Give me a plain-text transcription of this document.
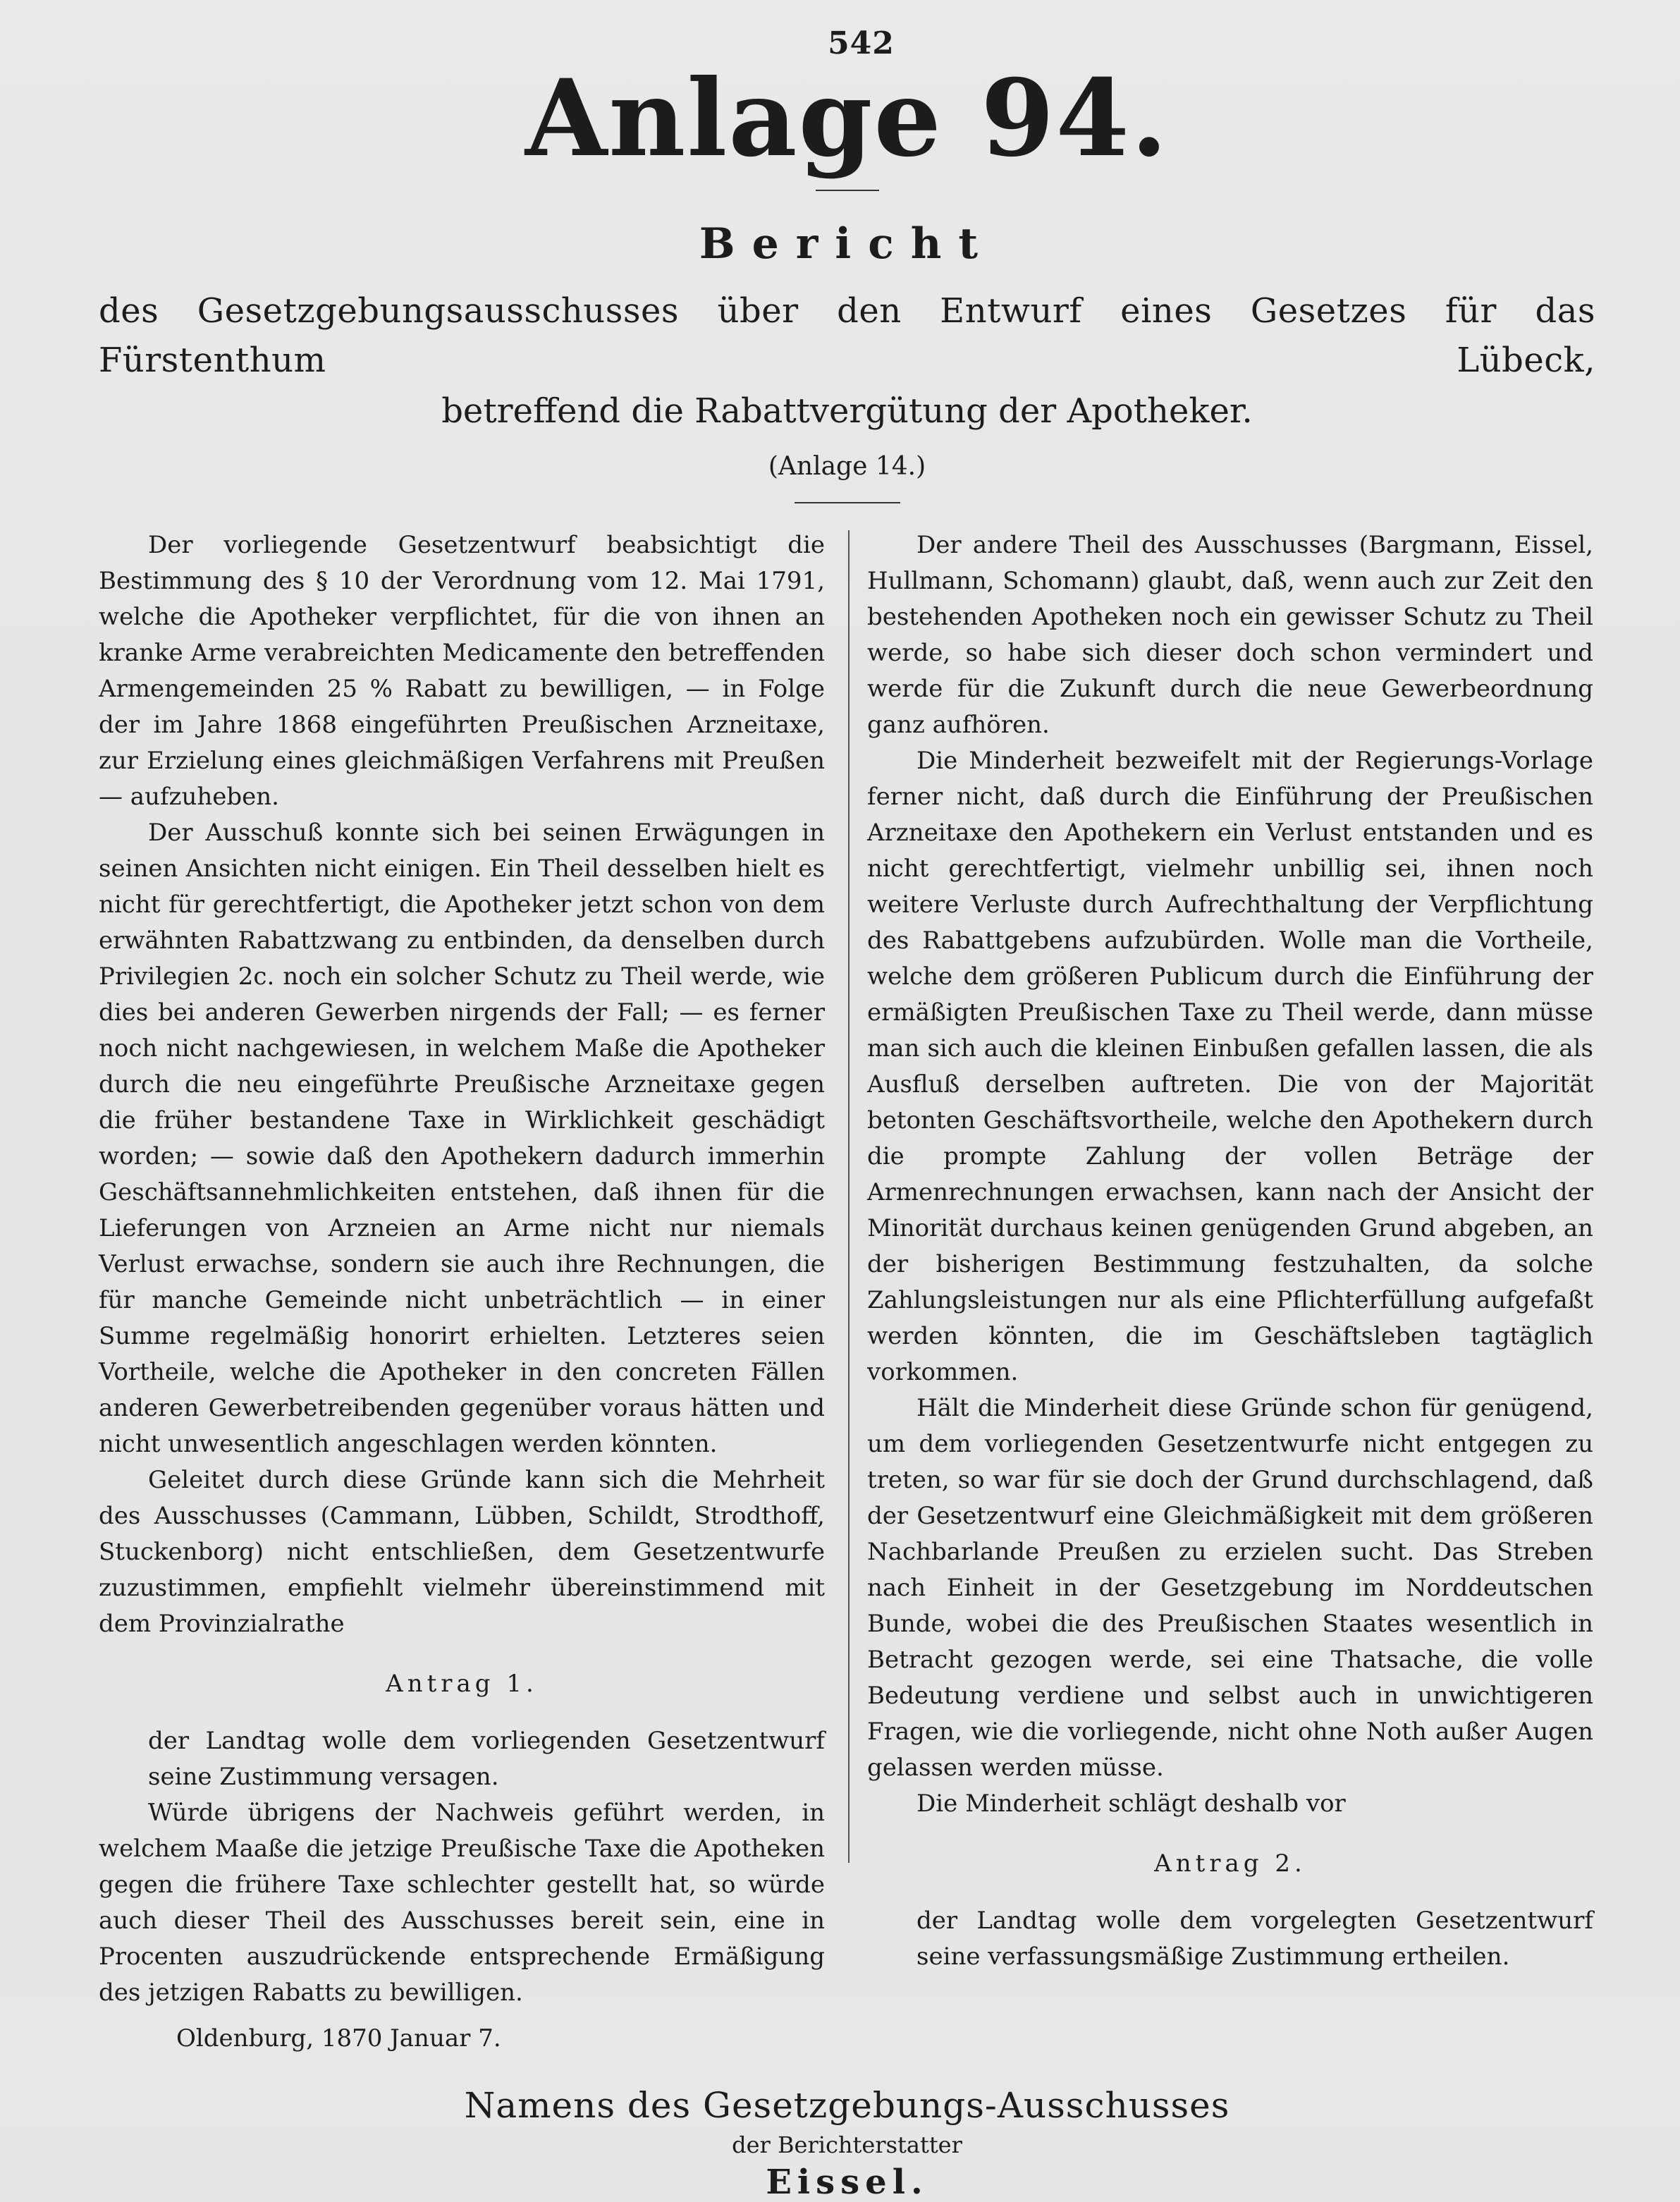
542
Anlage 94.
Bericht
des Gesetzgebungsausschusses über den Entwurf eines Gesetzes für das Fürstenthum Lübeck,
betreffend die Rabattvergütung der Apotheker.
(Anlage 14.)

Der vorliegende Gesetzentwurf beabsichtigt die Bestimmung des § 10 der Verordnung vom 12. Mai 1791, welche die Apotheker verpflichtet, für die von ihnen an kranke Arme verabreichten Medicamente den betreffenden Armengemeinden 25 % Rabatt zu bewilligen, — in Folge der im Jahre 1868 eingeführten Preußischen Arzneitaxe, zur Erzielung eines gleichmäßigen Verfahrens mit Preußen — aufzuheben.

Der Ausschuß konnte sich bei seinen Erwägungen in seinen Ansichten nicht einigen. Ein Theil desselben hielt es nicht für gerechtfertigt, die Apotheker jetzt schon von dem erwähnten Rabattzwang zu entbinden, da denselben durch Privilegien 2c. noch ein solcher Schutz zu Theil werde, wie dies bei anderen Gewerben nirgends der Fall; — es ferner noch nicht nachgewiesen, in welchem Maße die Apotheker durch die neu eingeführte Preußische Arzneitaxe gegen die früher bestandene Taxe in Wirklichkeit geschädigt worden; — sowie daß den Apothekern dadurch immerhin Geschäftsannehmlichkeiten entstehen, daß ihnen für die Lieferungen von Arzneien an Arme nicht nur niemals Verlust erwachse, sondern sie auch ihre Rechnungen, die für manche Gemeinde nicht unbeträchtlich — in einer Summe regelmäßig honorirt erhielten. Letzteres seien Vortheile, welche die Apotheker in den concreten Fällen anderen Gewerbetreibenden gegenüber voraus hätten und nicht unwesentlich angeschlagen werden könnten.

Geleitet durch diese Gründe kann sich die Mehrheit des Ausschusses (Cammann, Lübben, Schildt, Strodthoff, Stuckenborg) nicht entschließen, dem Gesetzentwurfe zuzustimmen, empfiehlt vielmehr übereinstimmend mit dem Provinzialrathe

Antrag 1.

der Landtag wolle dem vorliegenden Gesetzentwurf seine Zustimmung versagen.

Würde übrigens der Nachweis geführt werden, in welchem Maaße die jetzige Preußische Taxe die Apotheken gegen die frühere Taxe schlechter gestellt hat, so würde auch dieser Theil des Ausschusses bereit sein, eine in Procenten auszudrückende entsprechende Ermäßigung des jetzigen Rabatts zu bewilligen.

Oldenburg, 1870 Januar 7.

Der andere Theil des Ausschusses (Bargmann, Eissel, Hullmann, Schomann) glaubt, daß, wenn auch zur Zeit den bestehenden Apotheken noch ein gewisser Schutz zu Theil werde, so habe sich dieser doch schon vermindert und werde für die Zukunft durch die neue Gewerbeordnung ganz aufhören.

Die Minderheit bezweifelt mit der Regierungs-Vorlage ferner nicht, daß durch die Einführung der Preußischen Arzneitaxe den Apothekern ein Verlust entstanden und es nicht gerechtfertigt, vielmehr unbillig sei, ihnen noch weitere Verluste durch Aufrechthaltung der Verpflichtung des Rabattgebens aufzubürden. Wolle man die Vortheile, welche dem größeren Publicum durch die Einführung der ermäßigten Preußischen Taxe zu Theil werde, dann müsse man sich auch die kleinen Einbußen gefallen lassen, die als Ausfluß derselben auftreten. Die von der Majorität betonten Geschäftsvortheile, welche den Apothekern durch die prompte Zahlung der vollen Beträge der Armenrechnungen erwachsen, kann nach der Ansicht der Minorität durchaus keinen genügenden Grund abgeben, an der bisherigen Bestimmung festzuhalten, da solche Zahlungsleistungen nur als eine Pflichterfüllung aufgefaßt werden könnten, die im Geschäftsleben tagtäglich vorkommen.

Hält die Minderheit diese Gründe schon für genügend, um dem vorliegenden Gesetzentwurfe nicht entgegen zu treten, so war für sie doch der Grund durchschlagend, daß der Gesetzentwurf eine Gleichmäßigkeit mit dem größeren Nachbarlande Preußen zu erzielen sucht. Das Streben nach Einheit in der Gesetzgebung im Norddeutschen Bunde, wobei die des Preußischen Staates wesentlich in Betracht gezogen werde, sei eine Thatsache, die volle Bedeutung verdiene und selbst auch in unwichtigeren Fragen, wie die vorliegende, nicht ohne Noth außer Augen gelassen werden müsse.

Die Minderheit schlägt deshalb vor

Antrag 2.

der Landtag wolle dem vorgelegten Gesetzentwurf seine verfassungsmäßige Zustimmung ertheilen.

Namens des Gesetzgebungs-Ausschusses
der Berichterstatter
Eissel.
